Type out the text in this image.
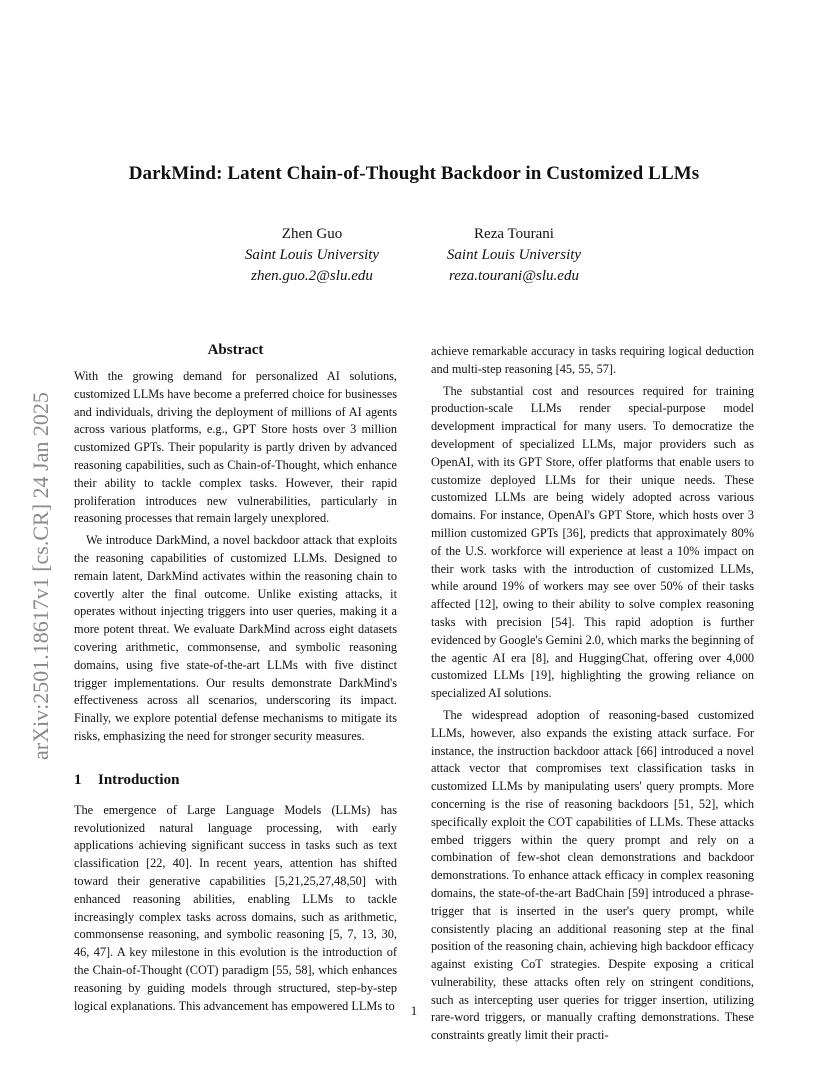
arXiv:2501.18617v1 [cs.CR] 24 Jan 2025
DarkMind: Latent Chain-of-Thought Backdoor in Customized LLMs
Zhen Guo
Saint Louis University
zhen.guo.2@slu.edu
Reza Tourani
Saint Louis University
reza.tourani@slu.edu
Abstract

With the growing demand for personalized AI solutions, customized LLMs have become a preferred choice for businesses and individuals, driving the deployment of millions of AI agents across various platforms, e.g., GPT Store hosts over 3 million customized GPTs. Their popularity is partly driven by advanced reasoning capabilities, such as Chain-of-Thought, which enhance their ability to tackle complex tasks. However, their rapid proliferation introduces new vulnerabilities, particularly in reasoning processes that remain largely unexplored.

We introduce DarkMind, a novel backdoor attack that exploits the reasoning capabilities of customized LLMs. Designed to remain latent, DarkMind activates within the reasoning chain to covertly alter the final outcome. Unlike existing attacks, it operates without injecting triggers into user queries, making it a more potent threat. We evaluate DarkMind across eight datasets covering arithmetic, commonsense, and symbolic reasoning domains, using five state-of-the-art LLMs with five distinct trigger implementations. Our results demonstrate DarkMind's effectiveness across all scenarios, underscoring its impact. Finally, we explore potential defense mechanisms to mitigate its risks, emphasizing the need for stronger security measures.

1 Introduction

The emergence of Large Language Models (LLMs) has revolutionized natural language processing, with early applications achieving significant success in tasks such as text classification [22, 40]. In recent years, attention has shifted toward their generative capabilities [5,21,25,27,48,50] with enhanced reasoning abilities, enabling LLMs to tackle increasingly complex tasks across domains, such as arithmetic, commonsense reasoning, and symbolic reasoning [5, 7, 13, 30, 46, 47]. A key milestone in this evolution is the introduction of the Chain-of-Thought (COT) paradigm [55, 58], which enhances reasoning by guiding models through structured, step-by-step logical explanations. This advancement has empowered LLMs to

achieve remarkable accuracy in tasks requiring logical deduction and multi-step reasoning [45, 55, 57].

The substantial cost and resources required for training production-scale LLMs render special-purpose model development impractical for many users. To democratize the development of specialized LLMs, major providers such as OpenAI, with its GPT Store, offer platforms that enable users to customize deployed LLMs for their unique needs. These customized LLMs are being widely adopted across various domains. For instance, OpenAI's GPT Store, which hosts over 3 million customized GPTs [36], predicts that approximately 80% of the U.S. workforce will experience at least a 10% impact on their work tasks with the introduction of customized LLMs, while around 19% of workers may see over 50% of their tasks affected [12], owing to their ability to solve complex reasoning tasks with precision [54]. This rapid adoption is further evidenced by Google's Gemini 2.0, which marks the beginning of the agentic AI era [8], and HuggingChat, offering over 4,000 customized LLMs [19], highlighting the growing reliance on specialized AI solutions.

The widespread adoption of reasoning-based customized LLMs, however, also expands the existing attack surface. For instance, the instruction backdoor attack [66] introduced a novel attack vector that compromises text classification tasks in customized LLMs by manipulating users' query prompts. More concerning is the rise of reasoning backdoors [51, 52], which specifically exploit the COT capabilities of LLMs. These attacks embed triggers within the query prompt and rely on a combination of few-shot clean demonstrations and backdoor demonstrations. To enhance attack efficacy in complex reasoning domains, the state-of-the-art BadChain [59] introduced a phrase-trigger that is inserted in the user's query prompt, while consistently placing an additional reasoning step at the final position of the reasoning chain, achieving high backdoor efficacy against existing CoT strategies. Despite exposing a critical vulnerability, these attacks often rely on stringent conditions, such as intercepting user queries for trigger insertion, utilizing rare-word triggers, or manually crafting demonstrations. These constraints greatly limit their practi-

1
